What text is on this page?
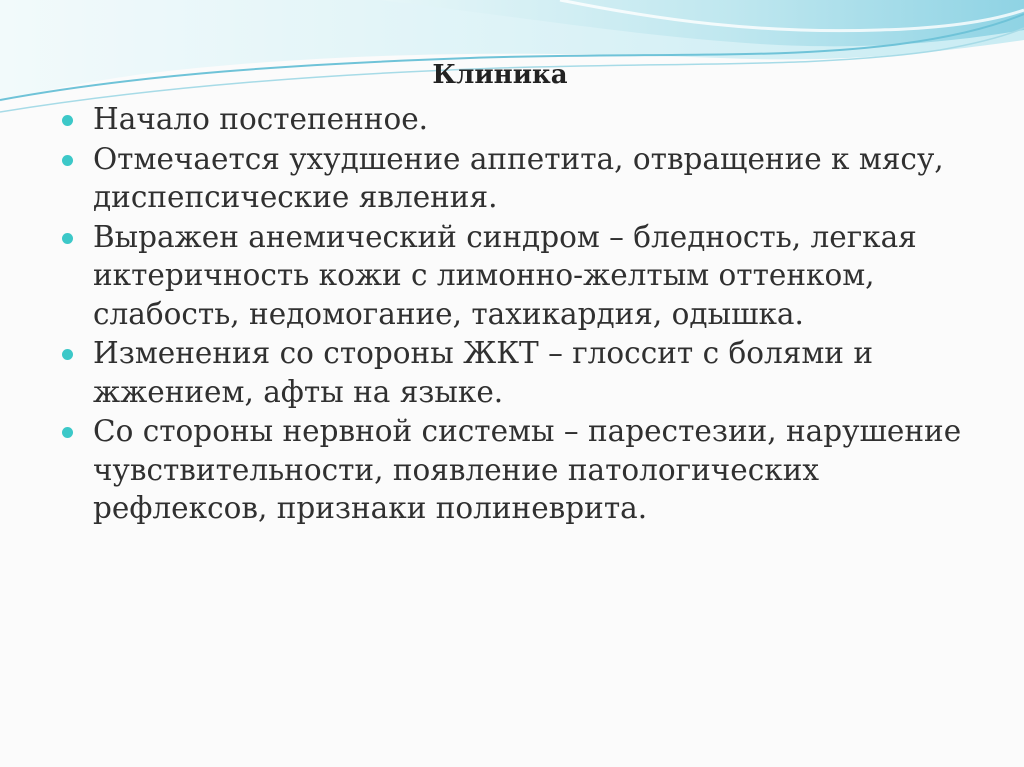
Клиника
Начало постепенное.
Отмечается ухудшение аппетита, отвращение к мясу, диспепсические явления.
Выражен анемический синдром – бледность, легкая иктеричность кожи с лимонно-желтым оттенком, слабость, недомогание, тахикардия, одышка.
Изменения со стороны ЖКТ – глоссит с болями и жжением, афты на языке.
Со стороны нервной системы – парестезии, нарушение чувствительности, появление патологических рефлексов, признаки полиневрита.
